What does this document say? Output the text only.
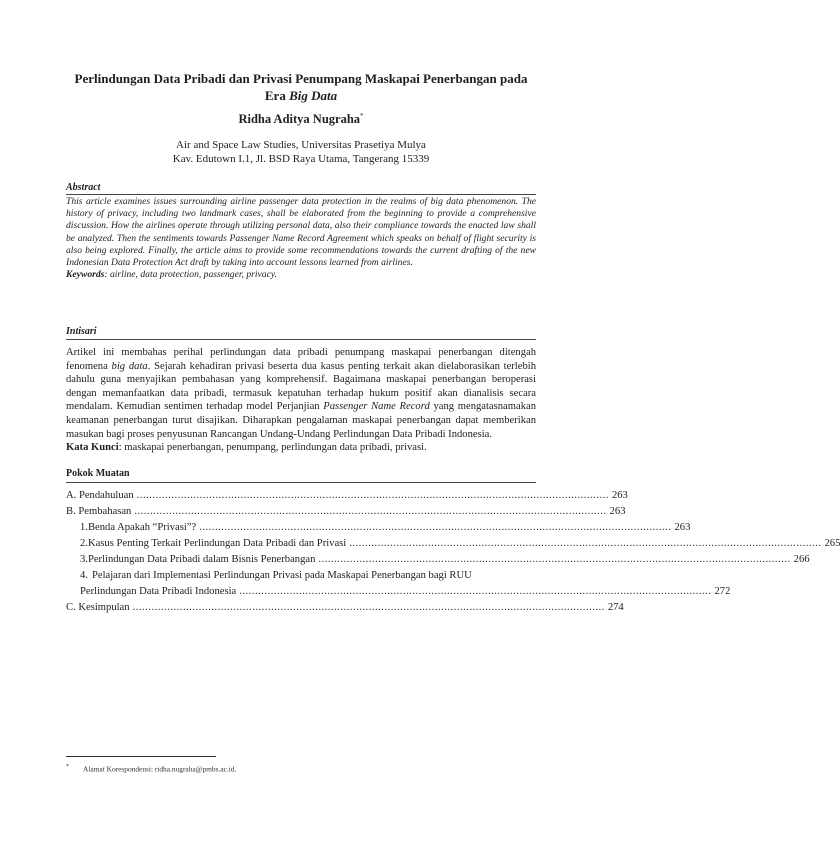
Perlindungan Data Pribadi dan Privasi Penumpang Maskapai Penerbangan pada
Era Big Data
Ridha Aditya Nugraha*
Air and Space Law Studies, Universitas Prasetiya Mulya
Kav. Edutown I.1, Jl. BSD Raya Utama, Tangerang 15339
Abstract
This article examines issues surrounding airline passenger data protection in the realms of big data phenomenon. The history of privacy, including two landmark cases, shall be elaborated from the beginning to provide a comprehensive discussion. How the airlines operate through utilizing personal data, also their compliance towards the enacted law shall be analyzed. Then the sentiments towards Passenger Name Record Agreement which speaks on behalf of flight security is also being explored. Finally, the article aims to provide some recommendations towards the current drafting of the new Indonesian Data Protection Act draft by taking into account lessons learned from airlines.
Keywords: airline, data protection, passenger, privacy.
Intisari
Artikel ini membahas perihal perlindungan data pribadi penumpang maskapai penerbangan ditengah fenomena big data. Sejarah kehadiran privasi beserta dua kasus penting terkait akan dielaborasikan terlebih dahulu guna menyajikan pembahasan yang komprehensif. Bagaimana maskapai penerbangan beroperasi dengan memanfaatkan data pribadi, termasuk kepatuhan terhadap hukum positif akan dianalisis secara mendalam. Kemudian sentimen terhadap model Perjanjian Passenger Name Record yang mengatasnamakan keamanan penerbangan turut disajikan. Diharapkan pengalaman maskapai penerbangan dapat memberikan masukan bagi proses penyusunan Rancangan Undang-Undang Perlindungan Data Pribadi Indonesia.
Kata Kunci: maskapai penerbangan, penumpang, perlindungan data pribadi, privasi.
Pokok Muatan
A. Pendahuluan ...................................................................................................................................................... 263
B. Pembahasan ...................................................................................................................................................... 263
1. Benda Apakah “Privasi”? ...................................................................................................................................................... 263
2. Kasus Penting Terkait Perlindungan Data Pribadi dan Privasi ...................................................................................................................................................... 265
3. Perlindungan Data Pribadi dalam Bisnis Penerbangan ...................................................................................................................................................... 266
4. Pelajaran dari Implementasi Perlindungan Privasi pada Maskapai Penerbangan bagi RUU
Perlindungan Data Pribadi Indonesia ...................................................................................................................................................... 272
C. Kesimpulan ...................................................................................................................................................... 274
* Alamat Korespondensi: ridha.nugraha@pmbs.ac.id.
